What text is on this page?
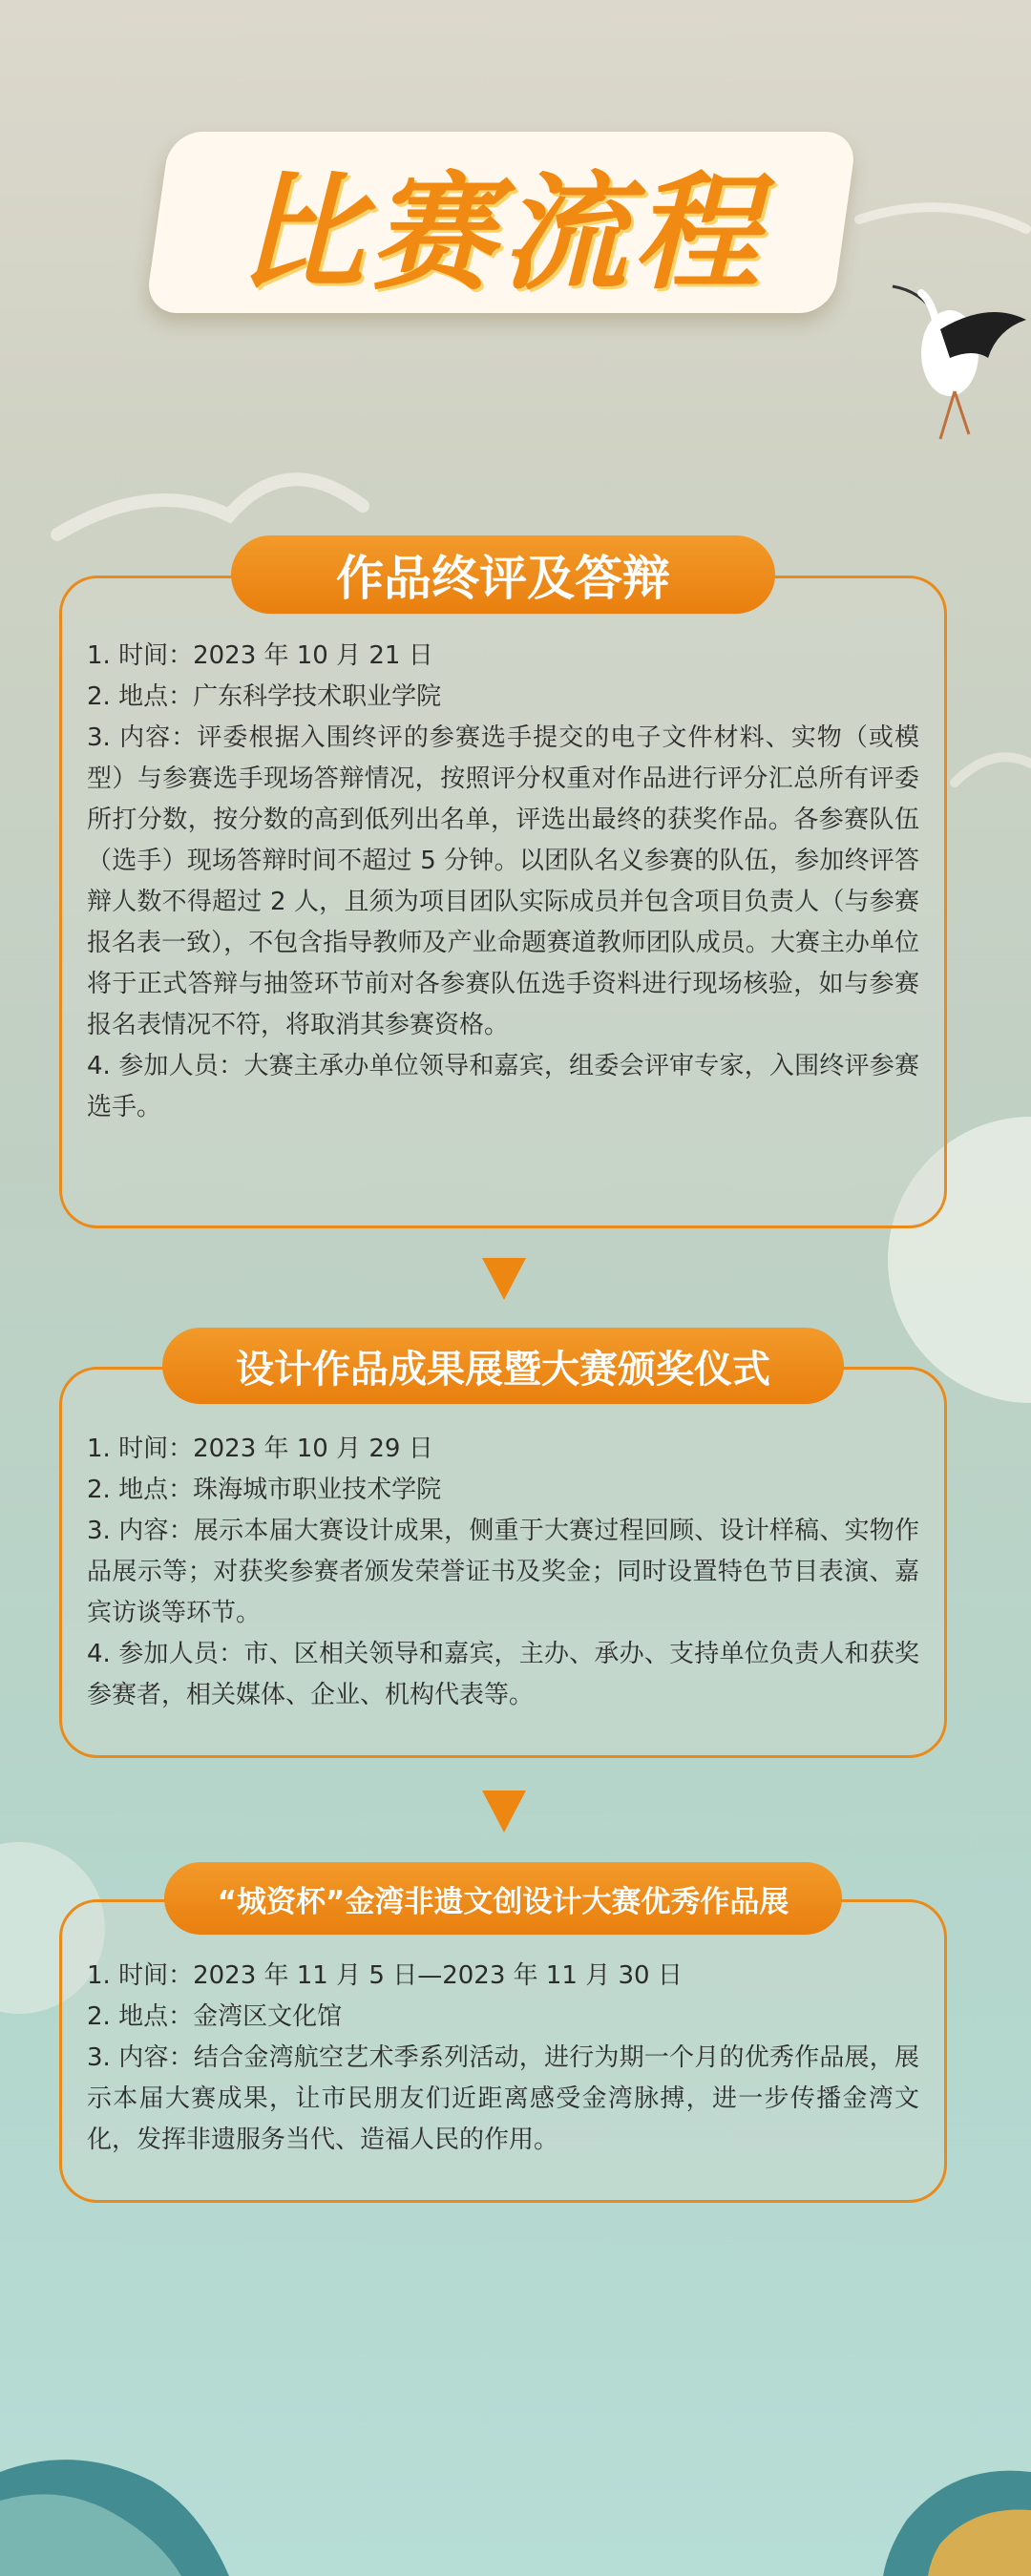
比赛流程
作品终评及答辩
1. 时间：2023 年 10 月 21 日
2. 地点：广东科学技术职业学院
3. 内容：评委根据入围终评的参赛选手提交的电子文件材料、实物（或模型）与参赛选手现场答辩情况，按照评分权重对作品进行评分汇总所有评委所打分数，按分数的高到低列出名单，评选出最终的获奖作品。各参赛队伍（选手）现场答辩时间不超过 5 分钟。以团队名义参赛的队伍，参加终评答辩人数不得超过 2 人，且须为项目团队实际成员并包含项目负责人（与参赛报名表一致），不包含指导教师及产业命题赛道教师团队成员。大赛主办单位将于正式答辩与抽签环节前对各参赛队伍选手资料进行现场核验，如与参赛报名表情况不符，将取消其参赛资格。
4. 参加人员：大赛主承办单位领导和嘉宾，组委会评审专家，入围终评参赛选手。
设计作品成果展暨大赛颁奖仪式
1. 时间：2023 年 10 月 29 日
2. 地点：珠海城市职业技术学院
3. 内容：展示本届大赛设计成果，侧重于大赛过程回顾、设计样稿、实物作品展示等；对获奖参赛者颁发荣誉证书及奖金；同时设置特色节目表演、嘉宾访谈等环节。
4. 参加人员：市、区相关领导和嘉宾，主办、承办、支持单位负责人和获奖参赛者，相关媒体、企业、机构代表等。
“城资杯”金湾非遗文创设计大赛优秀作品展
1. 时间：2023 年 11 月 5 日—2023 年 11 月 30 日
2. 地点：金湾区文化馆
3. 内容：结合金湾航空艺术季系列活动，进行为期一个月的优秀作品展，展示本届大赛成果，让市民朋友们近距离感受金湾脉搏，进一步传播金湾文化，发挥非遗服务当代、造福人民的作用。
